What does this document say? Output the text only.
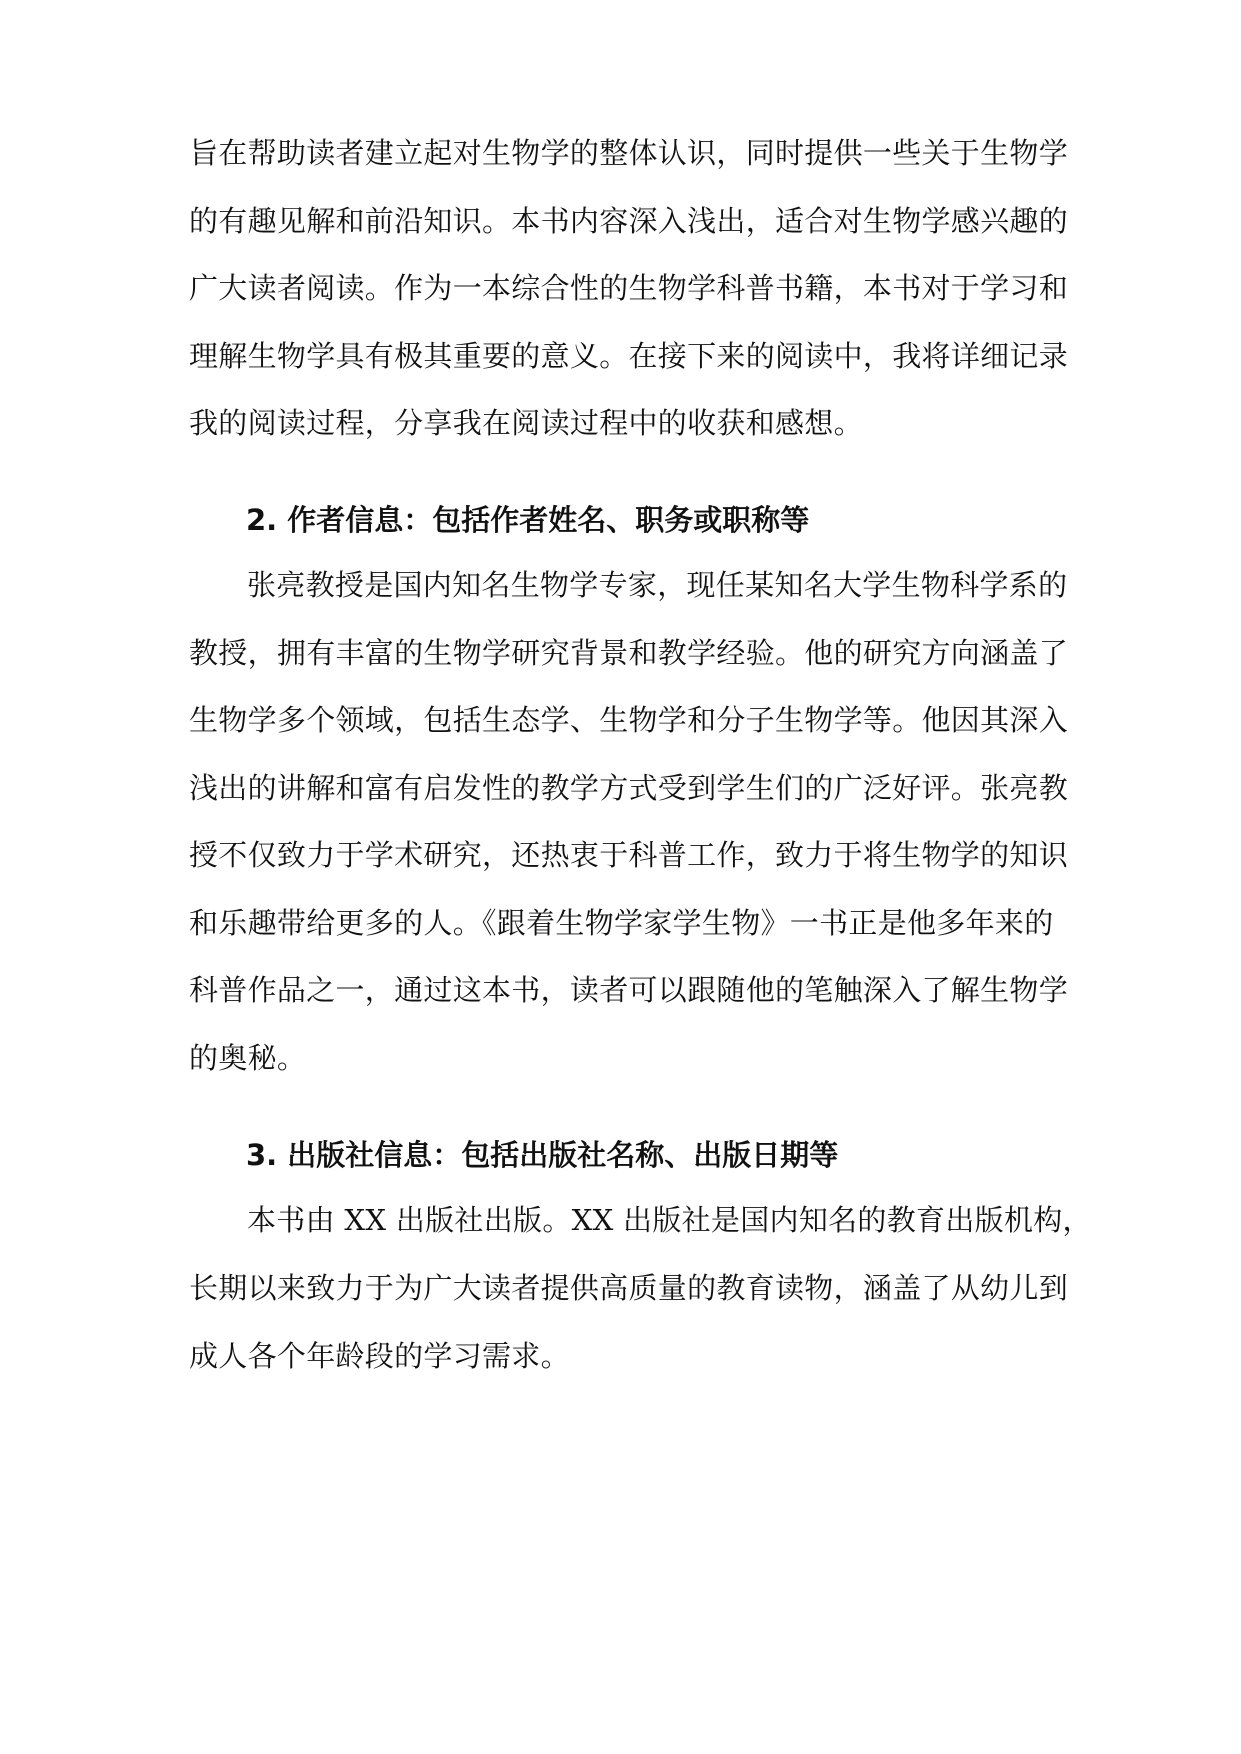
旨在帮助读者建立起对生物学的整体认识，同时提供一些关于生物学
的有趣见解和前沿知识。本书内容深入浅出，适合对生物学感兴趣的
广大读者阅读。作为一本综合性的生物学科普书籍，本书对于学习和
理解生物学具有极其重要的意义。在接下来的阅读中，我将详细记录
我的阅读过程，分享我在阅读过程中的收获和感想。
2. 作者信息：包括作者姓名、职务或职称等
张亮教授是国内知名生物学专家，现任某知名大学生物科学系的
教授，拥有丰富的生物学研究背景和教学经验。他的研究方向涵盖了
生物学多个领域，包括生态学、生物学和分子生物学等。他因其深入
浅出的讲解和富有启发性的教学方式受到学生们的广泛好评。张亮教
授不仅致力于学术研究，还热衷于科普工作，致力于将生物学的知识
和乐趣带给更多的人。《跟着生物学家学生物》一书正是他多年来的
科普作品之一，通过这本书，读者可以跟随他的笔触深入了解生物学
的奥秘。
3. 出版社信息：包括出版社名称、出版日期等
本书由 XX 出版社出版。XX 出版社是国内知名的教育出版机构，
长期以来致力于为广大读者提供高质量的教育读物，涵盖了从幼儿到
成人各个年龄段的学习需求。
